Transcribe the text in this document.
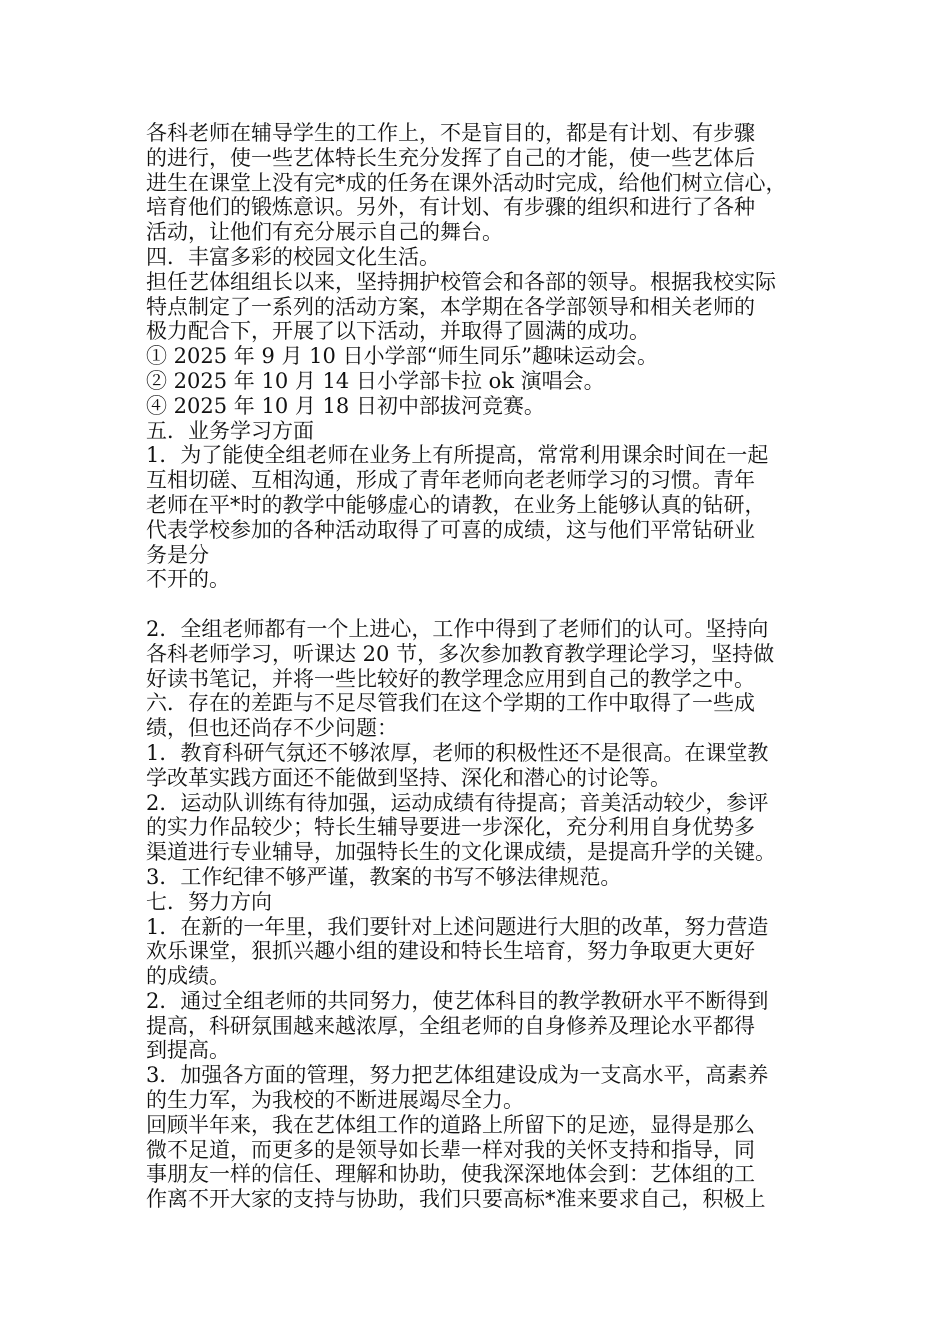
各科老师在辅导学生的工作上，不是盲目的，都是有计划、有步骤
的进行，使一些艺体特长生充分发挥了自己的才能，使一些艺体后
进生在课堂上没有完*成的任务在课外活动时完成，给他们树立信心，
培育他们的锻炼意识。另外，有计划、有步骤的组织和进行了各种
活动，让他们有充分展示自己的舞台。
四．丰富多彩的校园文化生活。
担任艺体组组长以来，坚持拥护校管会和各部的领导。根据我校实际
特点制定了一系列的活动方案，本学期在各学部领导和相关老师的
极力配合下，开展了以下活动，并取得了圆满的成功。
① 2025 年 9 月 10 日小学部“师生同乐”趣味运动会。
② 2025 年 10 月 14 日小学部卡拉 ok 演唱会。
④ 2025 年 10 月 18 日初中部拔河竞赛。
五．业务学习方面
1．为了能使全组老师在业务上有所提高，常常利用课余时间在一起
互相切磋、互相沟通，形成了青年老师向老老师学习的习惯。青年
老师在平*时的教学中能够虚心的请教，在业务上能够认真的钻研，
代表学校参加的各种活动取得了可喜的成绩，这与他们平常钻研业
务是分
不开的。
2．全组老师都有一个上进心，工作中得到了老师们的认可。坚持向
各科老师学习，听课达 20 节，多次参加教育教学理论学习，坚持做
好读书笔记，并将一些比较好的教学理念应用到自己的教学之中。
六．存在的差距与不足尽管我们在这个学期的工作中取得了一些成
绩，但也还尚存不少问题：
1．教育科研气氛还不够浓厚，老师的积极性还不是很高。在课堂教
学改革实践方面还不能做到坚持、深化和潜心的讨论等。
2．运动队训练有待加强，运动成绩有待提高；音美活动较少，参评
的实力作品较少；特长生辅导要进一步深化，充分利用自身优势多
渠道进行专业辅导，加强特长生的文化课成绩，是提高升学的关键。
3．工作纪律不够严谨，教案的书写不够法律规范。
七．努力方向
1．在新的一年里，我们要针对上述问题进行大胆的改革，努力营造
欢乐课堂，狠抓兴趣小组的建设和特长生培育，努力争取更大更好
的成绩。
2．通过全组老师的共同努力，使艺体科目的教学教研水平不断得到
提高，科研氛围越来越浓厚，全组老师的自身修养及理论水平都得
到提高。
3．加强各方面的管理，努力把艺体组建设成为一支高水平，高素养
的生力军，为我校的不断进展竭尽全力。
回顾半年来，我在艺体组工作的道路上所留下的足迹，显得是那么
微不足道，而更多的是领导如长辈一样对我的关怀支持和指导，同
事朋友一样的信任、理解和协助，使我深深地体会到：艺体组的工
作离不开大家的支持与协助，我们只要高标*准来要求自己，积极上
